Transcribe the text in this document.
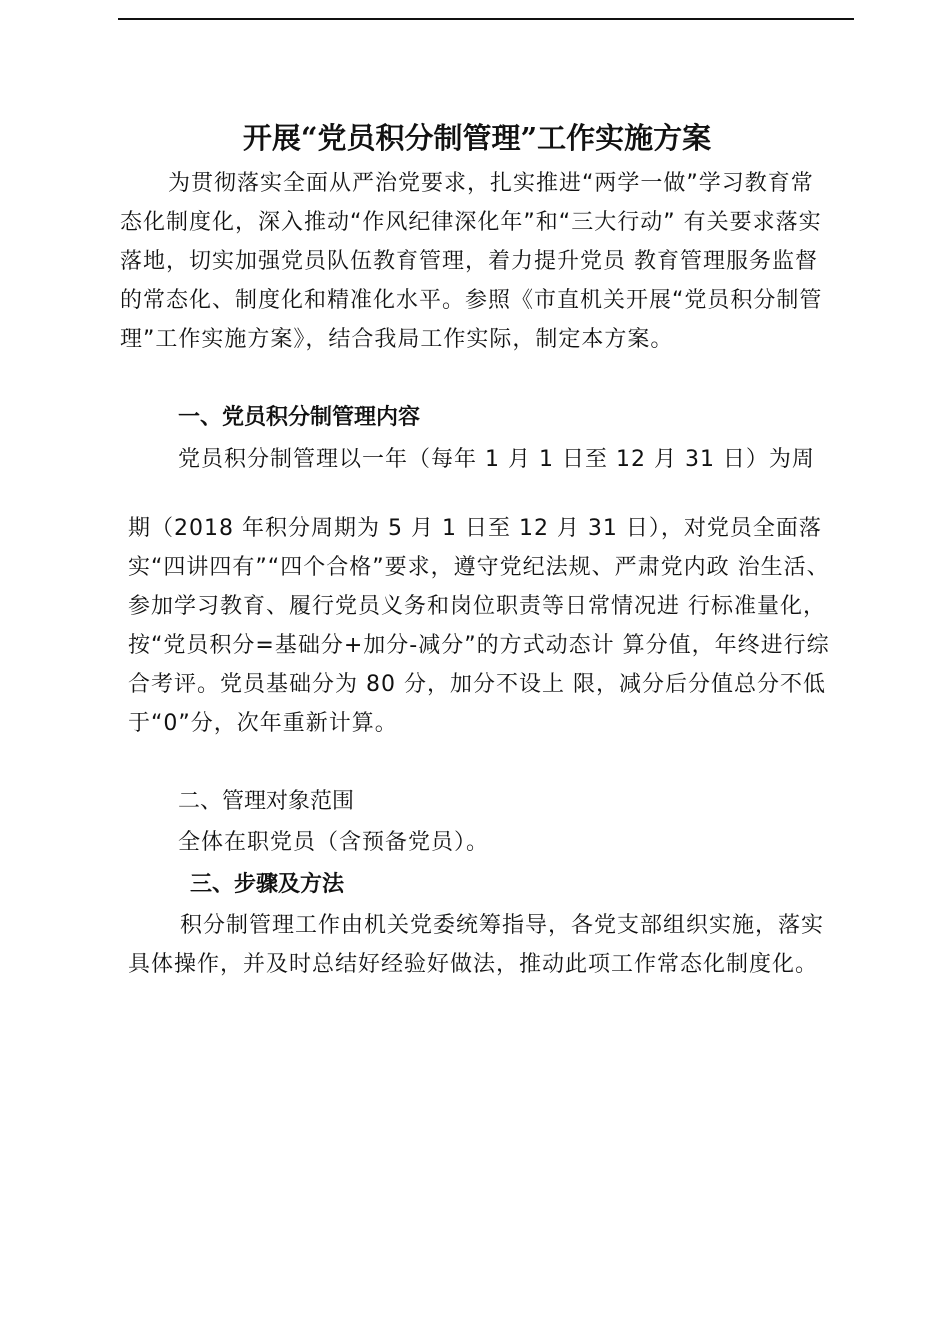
开展“党员积分制管理”工作实施方案

为贯彻落实全面从严治党要求，扎实推进“两学一做”学习教育常态化制度化，深入推动“作风纪律深化年”和“三大行动” 有关要求落实落地，切实加强党员队伍教育管理，着力提升党员 教育管理服务监督的常态化、制度化和精准化水平。参照《市直机关开展“党员积分制管理”工作实施方案》，结合我局工作实际，制定本方案。

一、党员积分制管理内容

党员积分制管理以一年（每年 1 月 1 日至 12 月 31 日）为周

期（2018 年积分周期为 5 月 1 日至 12 月 31 日），对党员全面落 实“四讲四有”“四个合格”要求，遵守党纪法规、严肃党内政 治生活、参加学习教育、履行党员义务和岗位职责等日常情况进 行标准量化，按“党员积分=基础分+加分-减分”的方式动态计 算分值，年终进行综合考评。党员基础分为 80 分，加分不设上 限，减分后分值总分不低于“0”分，次年重新计算。

二、管理对象范围

全体在职党员（含预备党员）。

三、步骤及方法

积分制管理工作由机关党委统筹指导，各党支部组织实施，落实具体操作，并及时总结好经验好做法，推动此项工作常态化制度化。
